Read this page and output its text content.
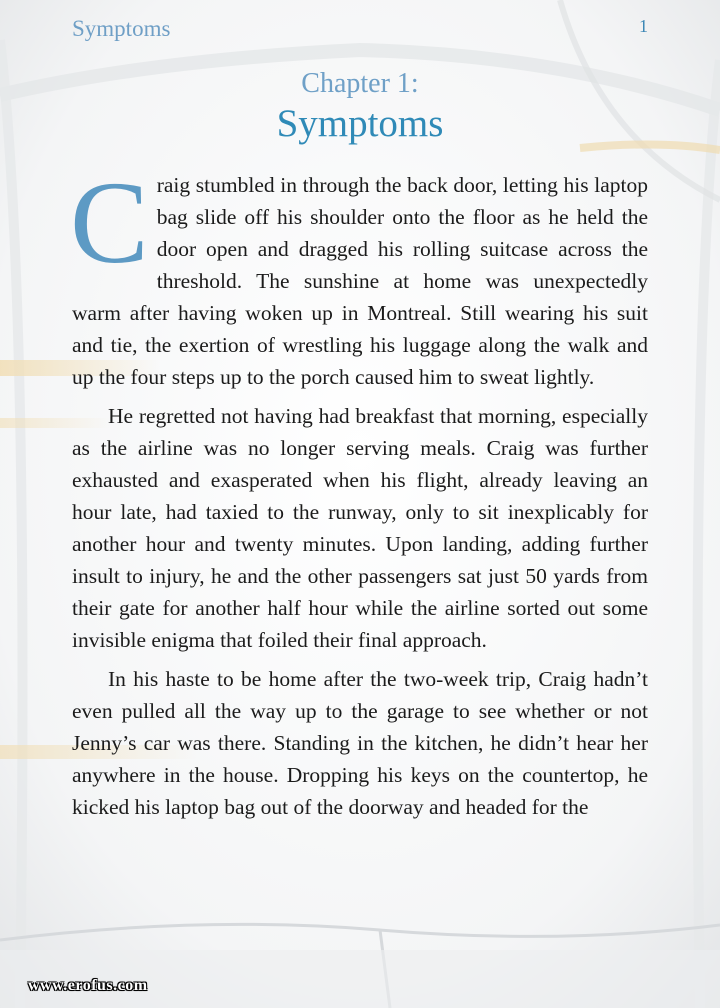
Symptoms	1
Chapter 1:
Symptoms

Craig stumbled in through the back door, letting his laptop bag slide off his shoulder onto the floor as he held the door open and dragged his rolling suitcase across the threshold. The sunshine at home was unexpectedly warm after having woken up in Montreal. Still wearing his suit and tie, the exertion of wrestling his luggage along the walk and up the four steps up to the porch caused him to sweat lightly.

He regretted not having had breakfast that morning, especially as the airline was no longer serving meals. Craig was further exhausted and exasperated when his flight, already leaving an hour late, had taxied to the runway, only to sit inexplicably for another hour and twenty minutes. Upon landing, adding further insult to injury, he and the other passengers sat just 50 yards from their gate for another half hour while the airline sorted out some invisible enigma that foiled their final approach.

In his haste to be home after the two-week trip, Craig hadn’t even pulled all the way up to the garage to see whether or not Jenny’s car was there. Standing in the kitchen, he didn’t hear her anywhere in the house. Dropping his keys on the countertop, he kicked his laptop bag out of the doorway and headed for the

www.erofus.com
